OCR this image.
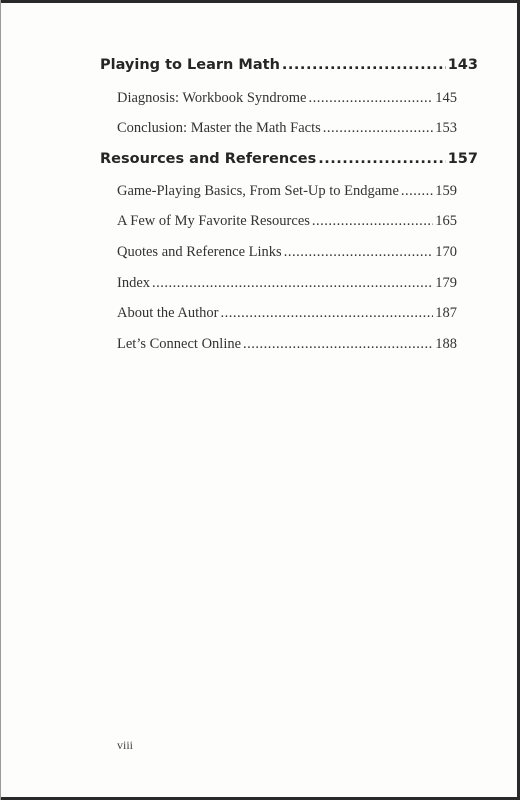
Playing to Learn Math .....	143
Diagnosis: Workbook Syndrome .....	145
Conclusion: Master the Math Facts .....	153
Resources and References .....	157
Game-Playing Basics, From Set-Up to Endgame .....	159
A Few of My Favorite Resources .....	165
Quotes and Reference Links .....	170
Index .....	179
About the Author .....	187
Let’s Connect Online .....	188
viii
